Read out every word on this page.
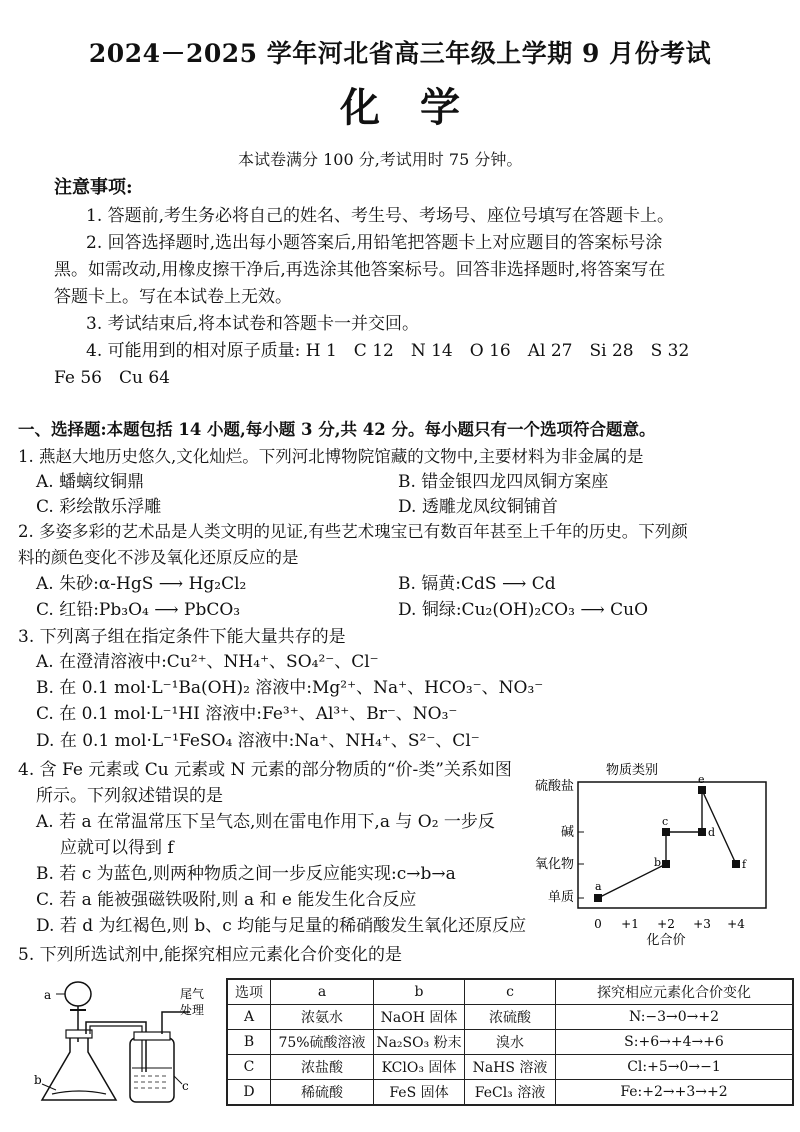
2024－2025 学年河北省高三年级上学期 9 月份考试
化学
本试卷满分 100 分,考试用时 75 分钟。
注意事项:
1. 答题前,考生务必将自己的姓名、考生号、考场号、座位号填写在答题卡上。
2. 回答选择题时,选出每小题答案后,用铅笔把答题卡上对应题目的答案标号涂
黑。如需改动,用橡皮擦干净后,再选涂其他答案标号。回答非选择题时,将答案写在
答题卡上。写在本试卷上无效。
3. 考试结束后,将本试卷和答题卡一并交回。
4. 可能用到的相对原子质量: H 1　C 12　N 14　O 16　Al 27　Si 28　S 32
Fe 56　Cu 64
一、选择题:本题包括 14 小题,每小题 3 分,共 42 分。每小题只有一个选项符合题意。
1. 燕赵大地历史悠久,文化灿烂。下列河北博物院馆藏的文物中,主要材料为非金属的是
A. 蟠螭纹铜鼎	B. 错金银四龙四凤铜方案座
C. 彩绘散乐浮雕	D. 透雕龙凤纹铜铺首
2. 多姿多彩的艺术品是人类文明的见证,有些艺术瑰宝已有数百年甚至上千年的历史。下列颜
料的颜色变化不涉及氧化还原反应的是
A. 朱砂:α-HgS ⟶ Hg₂Cl₂	B. 镉黄:CdS ⟶ Cd
C. 红铅:Pb₃O₄ ⟶ PbCO₃	D. 铜绿:Cu₂(OH)₂CO₃ ⟶ CuO
3. 下列离子组在指定条件下能大量共存的是
A. 在澄清溶液中:Cu²⁺、NH₄⁺、SO₄²⁻、Cl⁻
B. 在 0.1 mol·L⁻¹Ba(OH)₂ 溶液中:Mg²⁺、Na⁺、HCO₃⁻、NO₃⁻
C. 在 0.1 mol·L⁻¹HI 溶液中:Fe³⁺、Al³⁺、Br⁻、NO₃⁻
D. 在 0.1 mol·L⁻¹FeSO₄ 溶液中:Na⁺、NH₄⁺、S²⁻、Cl⁻
4. 含 Fe 元素或 Cu 元素或 N 元素的部分物质的“价-类”关系如图
所示。下列叙述错误的是
A. 若 a 在常温常压下呈气态,则在雷电作用下,a 与 O₂ 一步反
应就可以得到 f
B. 若 c 为蓝色,则两种物质之间一步反应能实现:c→b→a
C. 若 a 能被强磁铁吸附,则 a 和 e 能发生化合反应
D. 若 d 为红褐色,则 b、c 均能与足量的稀硝酸发生氧化还原反应
物质类别
硫酸盐
碱
氧化物
单质
0 +1 +2 +3 +4
化合价
a
b
c
d
e
f
5. 下列所选试剂中,能探究相应元素化合价变化的是
a
b
尾气
处理
c
选项	a	b	c	探究相应元素化合价变化
A	浓氨水	NaOH 固体	浓硫酸	N:−3→0→+2
B	75%硫酸溶液	Na₂SO₃ 粉末	溴水	S:+6→+4→+6
C	浓盐酸	KClO₃ 固体	NaHS 溶液	Cl:+5→0→−1
D	稀硫酸	FeS 固体	FeCl₃ 溶液	Fe:+2→+3→+2
